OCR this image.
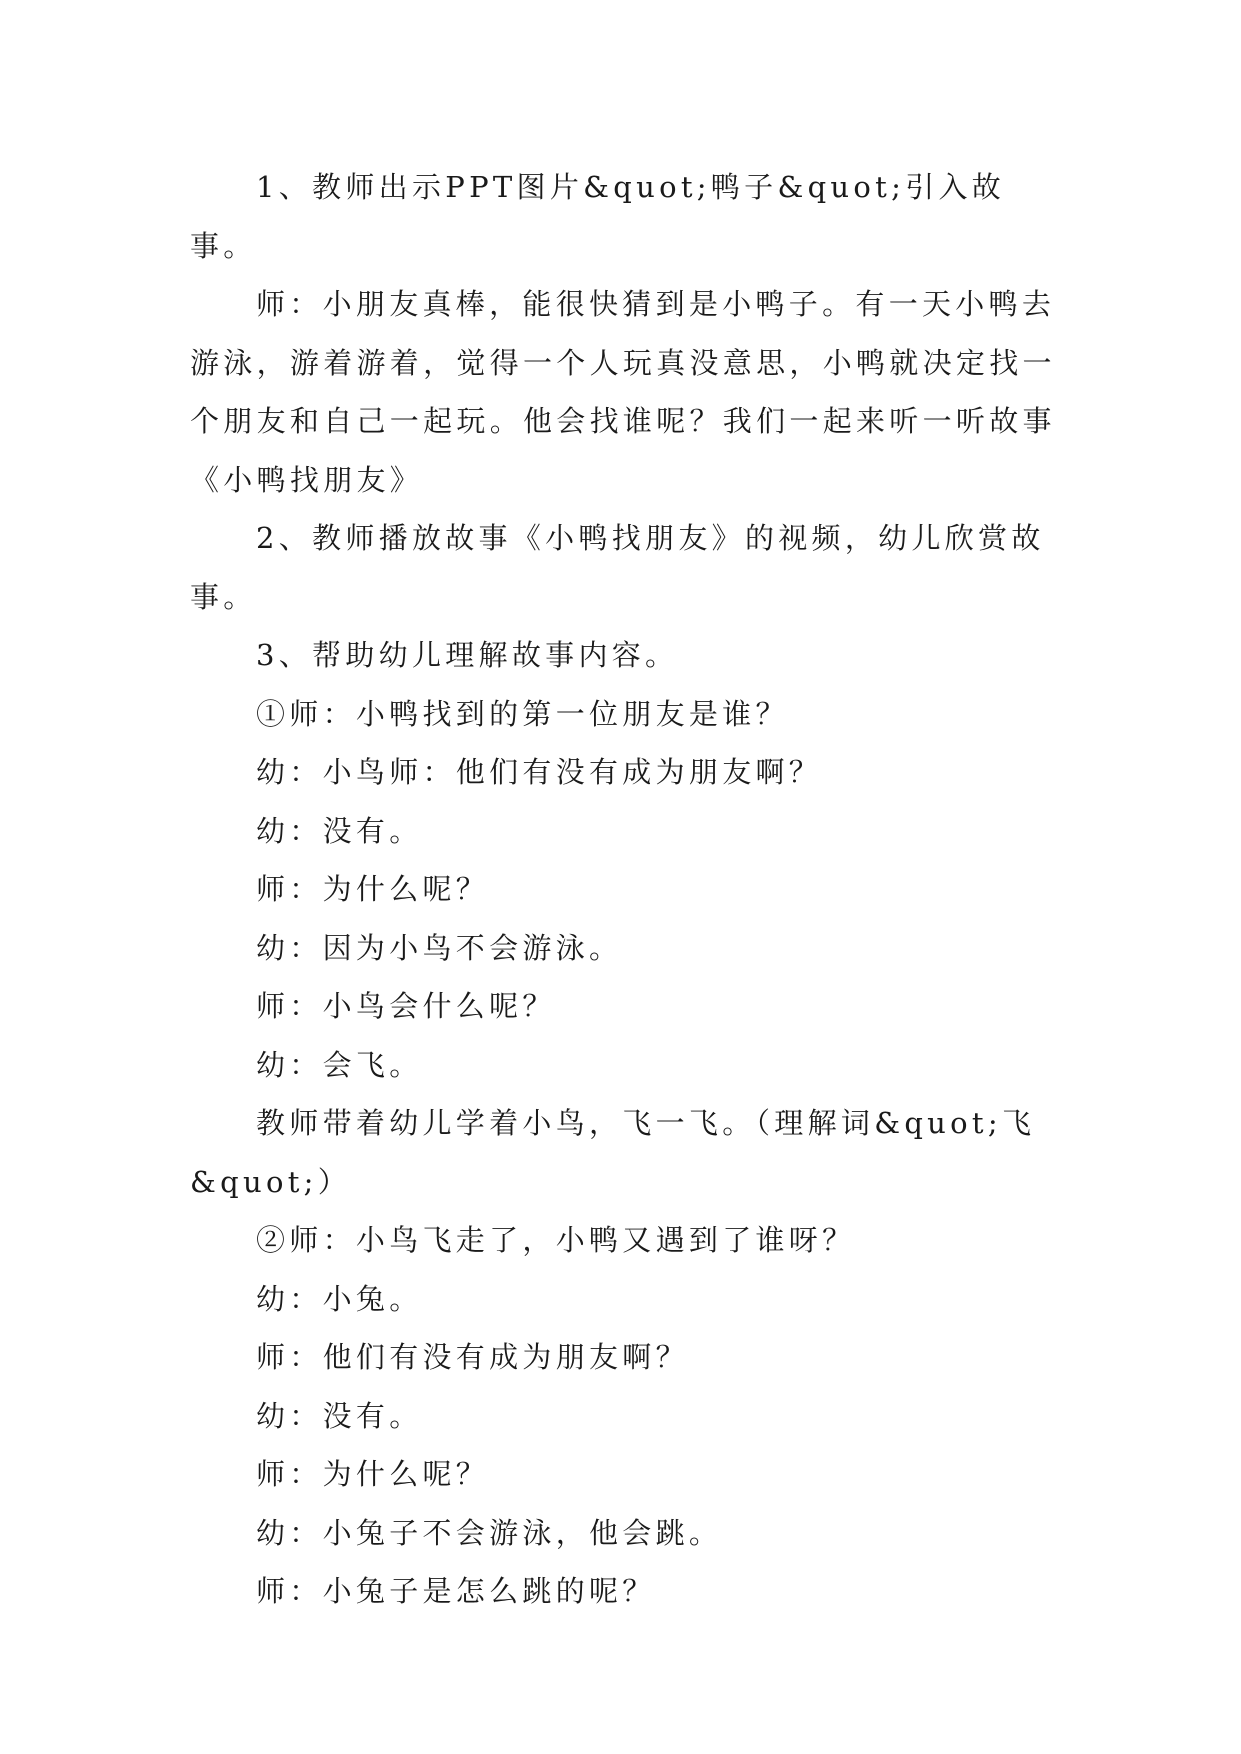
1、教师出示PPT图片&quot;鸭子&quot;引入故事。

师：小朋友真棒，能很快猜到是小鸭子。有一天小鸭去游泳，游着游着，觉得一个人玩真没意思，小鸭就决定找一个朋友和自己一起玩。他会找谁呢？我们一起来听一听故事《小鸭找朋友》

2、教师播放故事《小鸭找朋友》的视频，幼儿欣赏故事。

3、帮助幼儿理解故事内容。

①师：小鸭找到的第一位朋友是谁？

幼：小鸟师：他们有没有成为朋友啊？

幼：没有。

师：为什么呢？

幼：因为小鸟不会游泳。

师：小鸟会什么呢？

幼：会飞。

教师带着幼儿学着小鸟，飞一飞。（理解词&quot;飞&quot;）

②师：小鸟飞走了，小鸭又遇到了谁呀？

幼：小兔。

师：他们有没有成为朋友啊？

幼：没有。

师：为什么呢？

幼：小兔子不会游泳，他会跳。

师：小兔子是怎么跳的呢？
